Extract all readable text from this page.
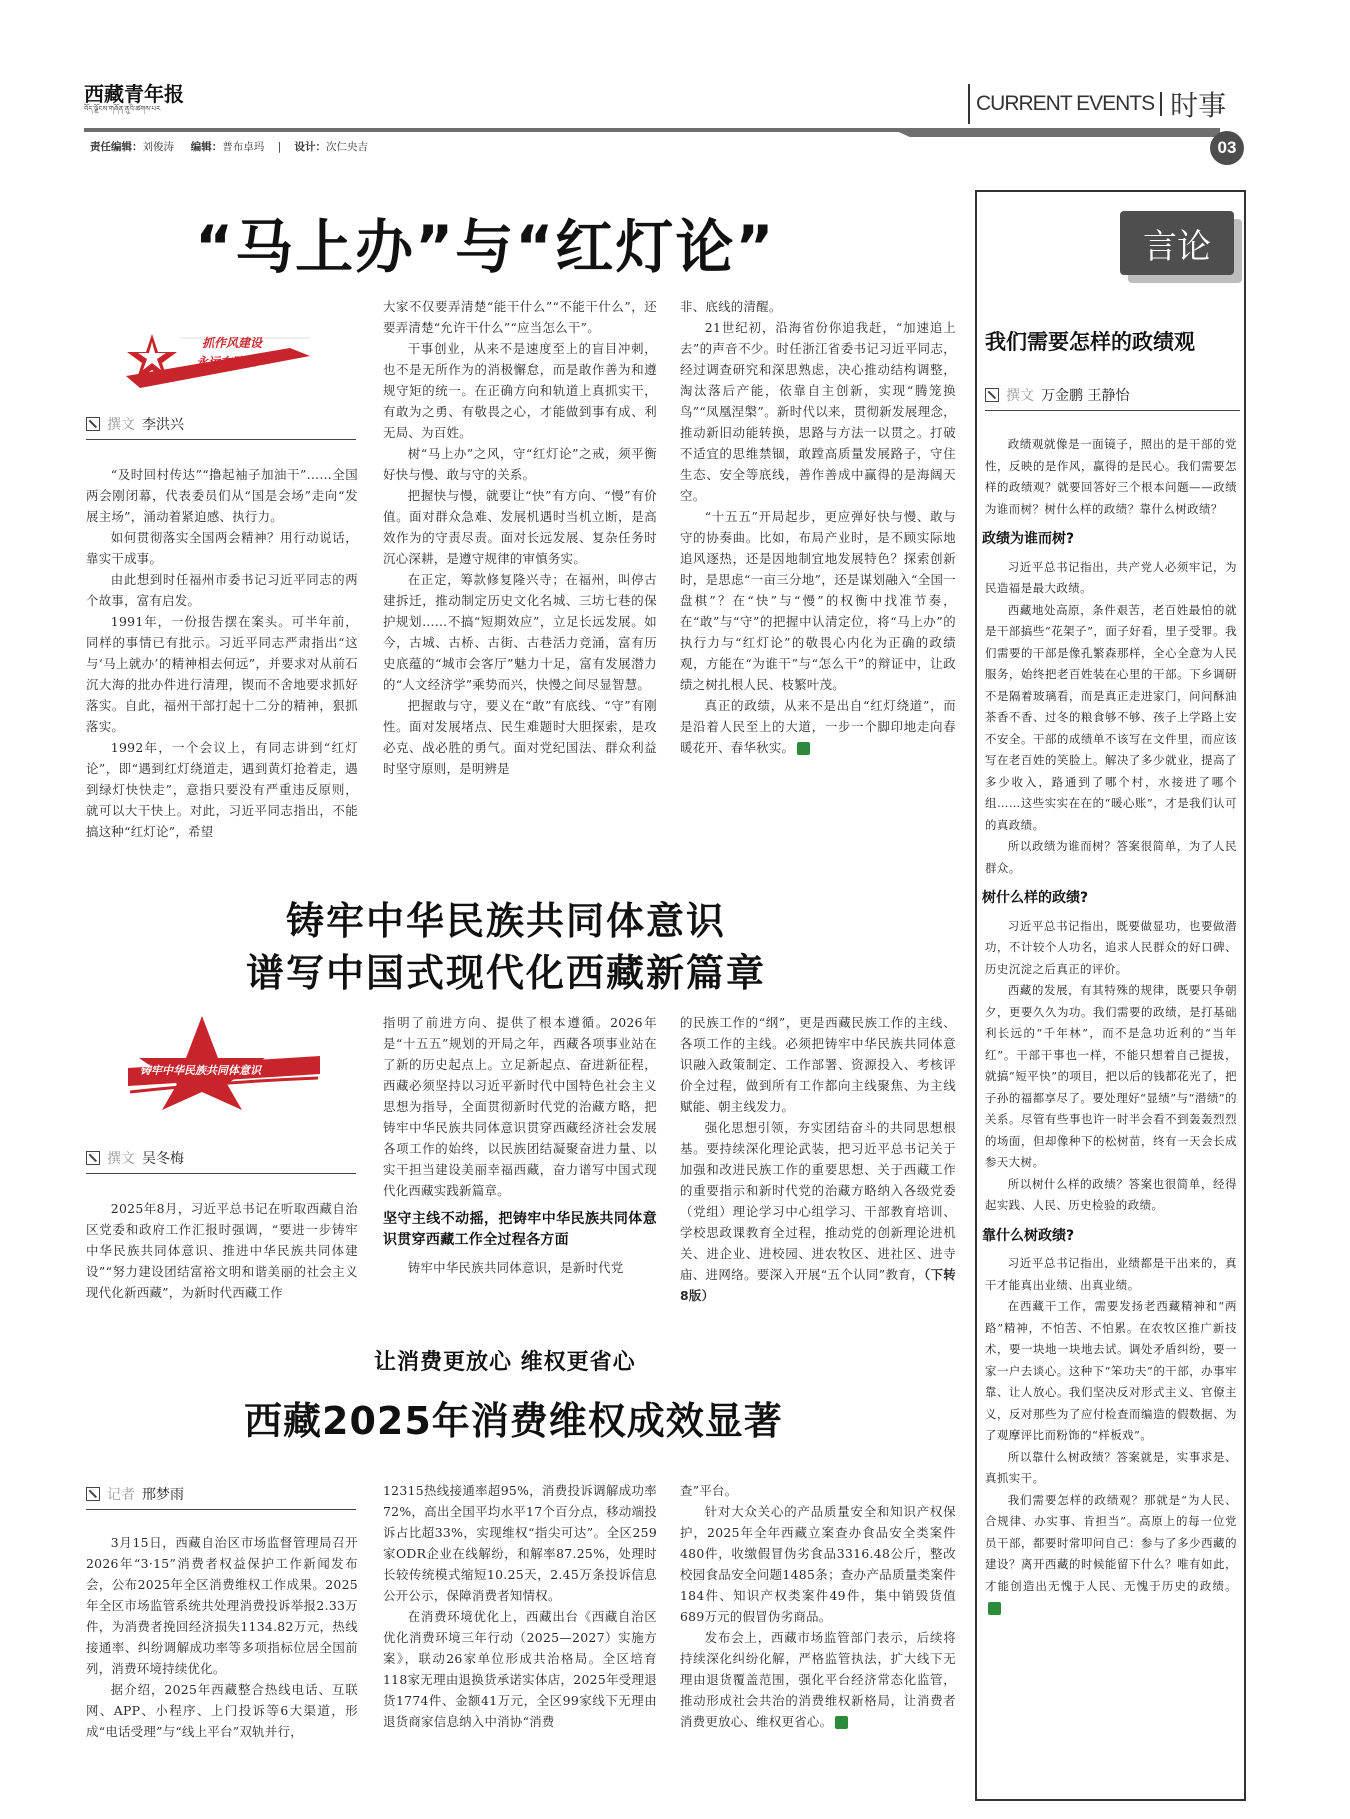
西藏青年报
བོད་ལྗོངས་གཞོན་ནུའི་ཚགས་པར	CURRENT EVENTS 时事
责任编辑：刘俊涛 编辑：普布卓玛 | 设计：次仁央吉	03
“马上办”与“红灯论”
抓作风建设
永远在路上
撰文 李洪兴

“及时回村传达”“撸起袖子加油干”……全国两会刚闭幕，代表委员们从“国是会场”走向“发展主场”，涌动着紧迫感、执行力。

如何贯彻落实全国两会精神？用行动说话，靠实干成事。

由此想到时任福州市委书记习近平同志的两个故事，富有启发。

1991年，一份报告摆在案头。可半年前，同样的事情已有批示。习近平同志严肃指出“这与‘马上就办’的精神相去何远”，并要求对从前石沉大海的批办件进行清理，锲而不舍地要求抓好落实。自此，福州干部打起十二分的精神，狠抓落实。

1992年，一个会议上，有同志讲到“红灯论”，即“遇到红灯绕道走，遇到黄灯抢着走，遇到绿灯快快走”，意指只要没有严重违反原则，就可以大干快上。对此，习近平同志指出，不能搞这种“红灯论”，希望

大家不仅要弄清楚“能干什么”“不能干什么”，还要弄清楚“允许干什么”“应当怎么干”。

干事创业，从来不是速度至上的盲目冲刺，也不是无所作为的消极懈怠，而是敢作善为和遵规守矩的统一。在正确方向和轨道上真抓实干，有敢为之勇、有敬畏之心，才能做到事有成、利无局、为百姓。

树“马上办”之风，守“红灯论”之戒，须平衡好快与慢、敢与守的关系。

把握快与慢，就要让“快”有方向、“慢”有价值。面对群众急难、发展机遇时当机立断，是高效作为的守责尽责。面对长远发展、复杂任务时沉心深耕，是遵守规律的审慎务实。

在正定，筹款修复隆兴寺；在福州，叫停古建拆迁，推动制定历史文化名城、三坊七巷的保护规划……不搞“短期效应”，立足长远发展。如今，古城、古桥、古街、古巷活力竞涌，富有历史底蕴的“城市会客厅”魅力十足，富有发展潜力的“人文经济学”乘势而兴，快慢之间尽显智慧。

把握敢与守，要义在“敢”有底线、“守”有刚性。面对发展堵点、民生难题时大胆探索，是攻必克、战必胜的勇气。面对党纪国法、群众利益时坚守原则，是明辨是

非、底线的清醒。

21世纪初，沿海省份你追我赶，“加速追上去”的声音不少。时任浙江省委书记习近平同志，经过调查研究和深思熟虑，决心推动结构调整，淘汰落后产能，依靠自主创新，实现“腾笼换鸟”“凤凰涅槃”。新时代以来，贯彻新发展理念，推动新旧动能转换，思路与方法一以贯之。打破不适宜的思维禁锢，敢蹚高质量发展路子，守住生态、安全等底线，善作善成中赢得的是海阔天空。

“十五五”开局起步，更应弹好快与慢、敢与守的协奏曲。比如，布局产业时，是不顾实际地追风逐热，还是因地制宜地发展特色？探索创新时，是思虑“一亩三分地”，还是谋划融入“全国一盘棋”？在“快”与“慢”的权衡中找准节奏，在“敢”与“守”的把握中认清定位，将“马上办”的执行力与“红灯论”的敬畏心内化为正确的政绩观，方能在“为谁干”与“怎么干”的辩证中，让政绩之树扎根人民、枝繁叶茂。

真正的政绩，从来不是出自“红灯绕道”，而是沿着人民至上的大道，一步一个脚印地走向春暖花开、春华秋实。

铸牢中华民族共同体意识
谱写中国式现代化西藏新篇章
铸牢中华民族共同体意识
撰文 吴冬梅

2025年8月，习近平总书记在听取西藏自治区党委和政府工作汇报时强调，“要进一步铸牢中华民族共同体意识、推进中华民族共同体建设”“努力建设团结富裕文明和谐美丽的社会主义现代化新西藏”，为新时代西藏工作

指明了前进方向、提供了根本遵循。2026年是“十五五”规划的开局之年，西藏各项事业站在了新的历史起点上。立足新起点、奋进新征程，西藏必须坚持以习近平新时代中国特色社会主义思想为指导，全面贯彻新时代党的治藏方略，把铸牢中华民族共同体意识贯穿西藏经济社会发展各项工作的始终，以民族团结凝聚奋进力量、以实干担当建设美丽幸福西藏，奋力谱写中国式现代化西藏实践新篇章。

坚守主线不动摇，把铸牢中华民族共同体意识贯穿西藏工作全过程各方面

铸牢中华民族共同体意识，是新时代党

的民族工作的“纲”，更是西藏民族工作的主线、各项工作的主线。必须把铸牢中华民族共同体意识融入政策制定、工作部署、资源投入、考核评价全过程，做到所有工作都向主线聚焦、为主线赋能、朝主线发力。

强化思想引领，夯实团结奋斗的共同思想根基。要持续深化理论武装，把习近平总书记关于加强和改进民族工作的重要思想、关于西藏工作的重要指示和新时代党的治藏方略纳入各级党委（党组）理论学习中心组学习、干部教育培训、学校思政课教育全过程，推动党的创新理论进机关、进企业、进校园、进农牧区、进社区、进寺庙、进网络。要深入开展“五个认同”教育，（下转8版）

让消费更放心 维权更省心
西藏2025年消费维权成效显著
记者 邢梦雨

3月15日，西藏自治区市场监督管理局召开2026年“3·15”消费者权益保护工作新闻发布会，公布2025年全区消费维权工作成果。2025年全区市场监管系统共处理消费投诉举报2.33万件，为消费者挽回经济损失1134.82万元，热线接通率、纠纷调解成功率等多项指标位居全国前列，消费环境持续优化。

据介绍，2025年西藏整合热线电话、互联网、APP、小程序、上门投诉等6大渠道，形成“电话受理”与“线上平台”双轨并行，

12315热线接通率超95%，消费投诉调解成功率72%，高出全国平均水平17个百分点，移动端投诉占比超33%，实现维权“指尖可达”。全区259家ODR企业在线解纷，和解率87.25%，处理时长较传统模式缩短10.25天，2.45万条投诉信息公开公示，保障消费者知情权。

在消费环境优化上，西藏出台《西藏自治区优化消费环境三年行动（2025—2027）实施方案》，联动26家单位形成共治格局。全区培育118家无理由退换货承诺实体店，2025年受理退货1774件、金额41万元，全区99家线下无理由退货商家信息纳入中消协“消费

查”平台。

针对大众关心的产品质量安全和知识产权保护，2025年全年西藏立案查办食品安全类案件480件，收缴假冒伪劣食品3316.48公斤，整改校园食品安全问题1485条；查办产品质量类案件184件、知识产权类案件49件，集中销毁货值689万元的假冒伪劣商品。

发布会上，西藏市场监管部门表示，后续将持续深化纠纷化解，严格监管执法，扩大线下无理由退货覆盖范围，强化平台经济常态化监管，推动形成社会共治的消费维权新格局，让消费者消费更放心、维权更省心。

言论
我们需要怎样的政绩观
撰文 万金鹏 王静怡

政绩观就像是一面镜子，照出的是干部的党性，反映的是作风，赢得的是民心。我们需要怎样的政绩观？就要回答好三个根本问题——政绩为谁而树？树什么样的政绩？靠什么树政绩？

政绩为谁而树?

习近平总书记指出，共产党人必须牢记，为民造福是最大政绩。

西藏地处高原，条件艰苦，老百姓最怕的就是干部搞些“花架子”，面子好看，里子受罪。我们需要的干部是像孔繁森那样，全心全意为人民服务，始终把老百姓装在心里的干部。下乡调研不是隔着玻璃看，而是真正走进家门，问问酥油茶香不香、过冬的粮食够不够、孩子上学路上安不安全。干部的成绩单不该写在文件里，而应该写在老百姓的笑脸上。解决了多少就业，提高了多少收入，路通到了哪个村，水接进了哪个组……这些实实在在的“暖心账”，才是我们认可的真政绩。

所以政绩为谁而树？答案很简单，为了人民群众。

树什么样的政绩?

习近平总书记指出，既要做显功，也要做潜功，不计较个人功名，追求人民群众的好口碑、历史沉淀之后真正的评价。

西藏的发展，有其特殊的规律，既要只争朝夕，更要久久为功。我们需要的政绩，是打基础利长远的“千年林”，而不是急功近利的“当年红”。干部干事也一样，不能只想着自己提拔，就搞“短平快”的项目，把以后的钱都花光了，把子孙的福都享尽了。要处理好“显绩”与“潜绩”的关系。尽管有些事也许一时半会看不到轰轰烈烈的场面，但却像种下的松树苗，终有一天会长成参天大树。

所以树什么样的政绩？答案也很简单，经得起实践、人民、历史检验的政绩。

靠什么树政绩?

习近平总书记指出，业绩都是干出来的，真干才能真出业绩、出真业绩。

在西藏干工作，需要发扬老西藏精神和“两路”精神，不怕苦、不怕累。在农牧区推广新技术，要一块地一块地去试。调处矛盾纠纷，要一家一户去谈心。这种下“笨功夫”的干部，办事牢靠、让人放心。我们坚决反对形式主义、官僚主义，反对那些为了应付检查而编造的假数据、为了观摩评比而粉饰的“样板戏”。

所以靠什么树政绩？答案就是，实事求是、真抓实干。

我们需要怎样的政绩观？那就是“为人民、合规律、办实事、肯担当”。高原上的每一位党员干部，都要时常叩问自己：参与了多少西藏的建设？离开西藏的时候能留下什么？唯有如此，才能创造出无愧于人民、无愧于历史的政绩。
